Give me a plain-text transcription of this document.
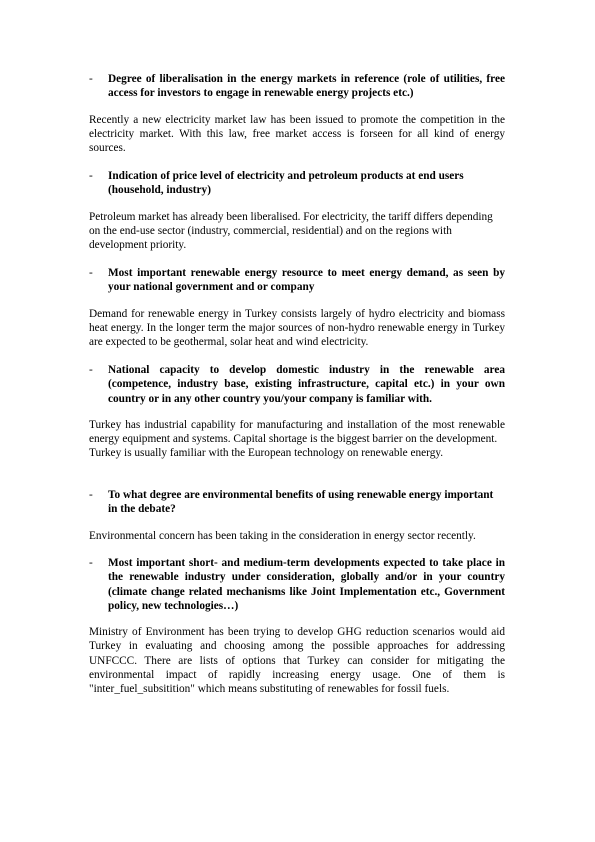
- Degree of liberalisation in the energy markets in reference (role of utilities, free access for investors to engage in renewable energy projects etc.)
Recently a new electricity market law has been issued to promote the competition in the electricity market. With this law, free market access is forseen for all kind of energy sources.
- Indication of price level of electricity and petroleum products at end users (household, industry)
Petroleum market has already been liberalised. For electricity, the tariff differs depending on the end-use sector (industry, commercial, residential) and on the regions with development priority.
- Most important renewable energy resource to meet energy demand, as seen by your national government and or company
Demand for renewable energy in Turkey consists largely of hydro electricity and biomass heat energy. In the longer term the major sources of non-hydro renewable energy in Turkey are expected to be geothermal, solar heat and wind electricity.
- National capacity to develop domestic industry in the renewable area (competence, industry base, existing infrastructure, capital etc.) in your own country or in any other country you/your company is familiar with.
Turkey has industrial capability for manufacturing and installation of the most renewable energy equipment and systems. Capital shortage is the biggest barrier on the development.
Turkey is usually familiar with the European technology on renewable energy.
- To what degree are environmental benefits of using renewable energy important in the debate?
Environmental concern has been taking in the consideration in energy sector recently.
- Most important short- and medium-term developments expected to take place in the renewable industry under consideration, globally and/or in your country (climate change related mechanisms like Joint Implementation etc., Government policy, new technologies…)
Ministry of Environment has been trying to develop GHG reduction scenarios would aid Turkey in evaluating and choosing among the possible approaches for addressing UNFCCC. There are lists of options that Turkey can consider for mitigating the environmental impact of rapidly increasing energy usage. One of them is "inter_fuel_subsitition" which means substituting of renewables for fossil fuels.
